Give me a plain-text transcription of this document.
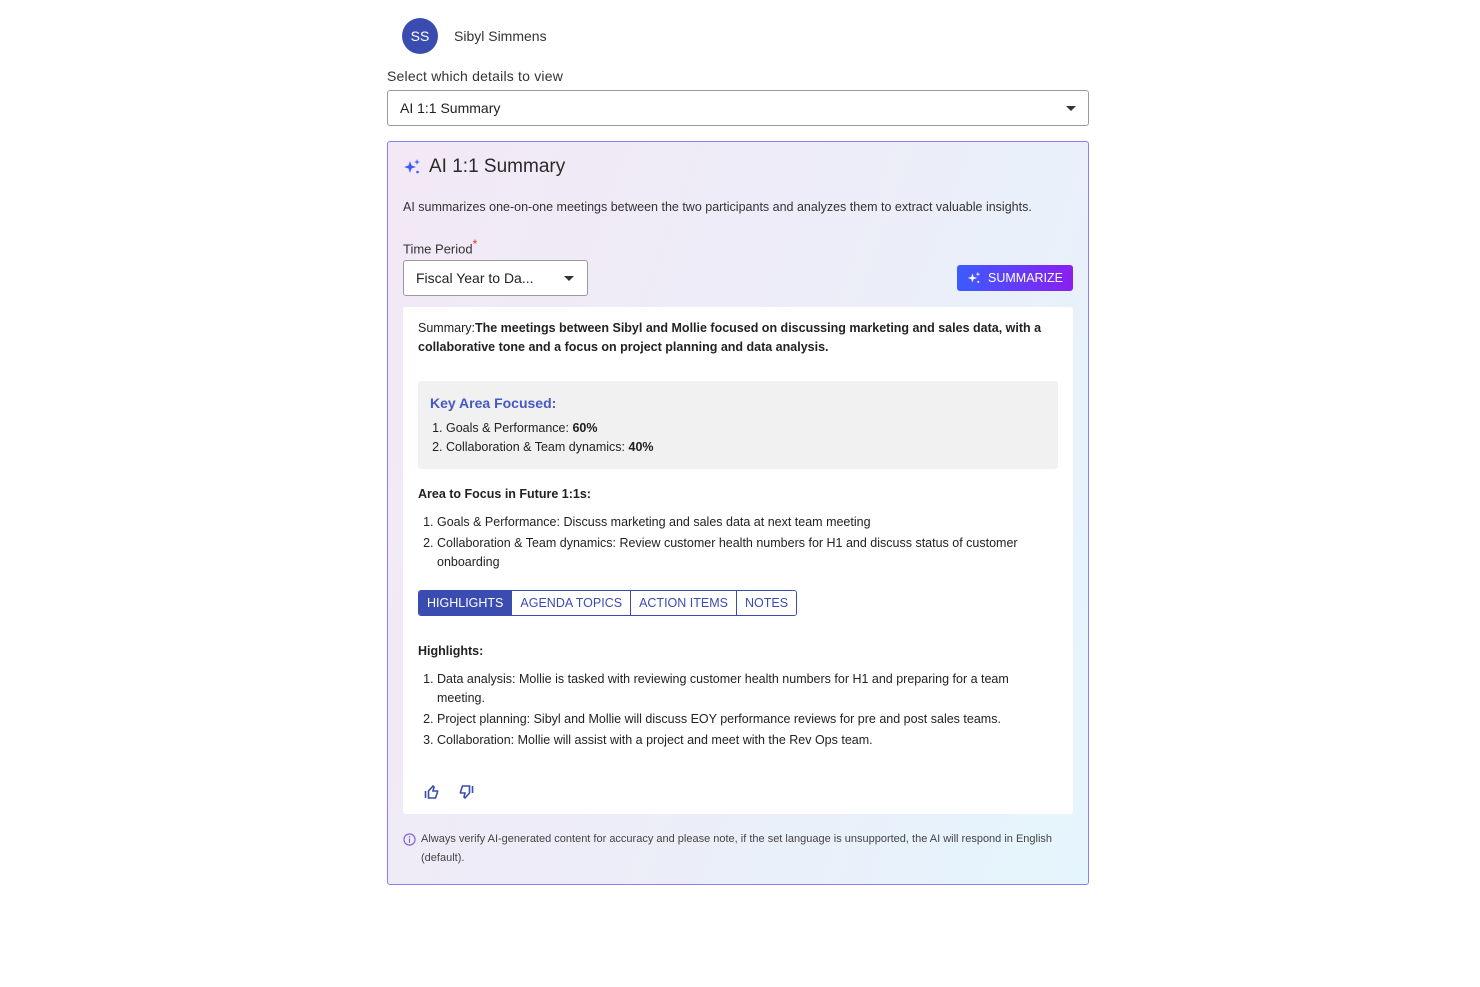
SS	Sibyl Simmens
Select which details to view
AI 1:1 Summary
AI 1:1 Summary
AI summarizes one-on-one meetings between the two participants and analyzes them to extract valuable insights.
Time Period*
Fiscal Year to Da...	SUMMARIZE
Summary:The meetings between Sibyl and Mollie focused on discussing marketing and sales data, with a collaborative tone and a focus on project planning and data analysis.
Key Area Focused:
1. Goals & Performance: 60%
2. Collaboration & Team dynamics: 40%
Area to Focus in Future 1:1s:
1. Goals & Performance: Discuss marketing and sales data at next team meeting
2. Collaboration & Team dynamics: Review customer health numbers for H1 and discuss status of customer onboarding
HIGHLIGHTS	AGENDA TOPICS	ACTION ITEMS	NOTES
Highlights:
1. Data analysis: Mollie is tasked with reviewing customer health numbers for H1 and preparing for a team meeting.
2. Project planning: Sibyl and Mollie will discuss EOY performance reviews for pre and post sales teams.
3. Collaboration: Mollie will assist with a project and meet with the Rev Ops team.
Always verify AI-generated content for accuracy and please note, if the set language is unsupported, the AI will respond in English (default).
